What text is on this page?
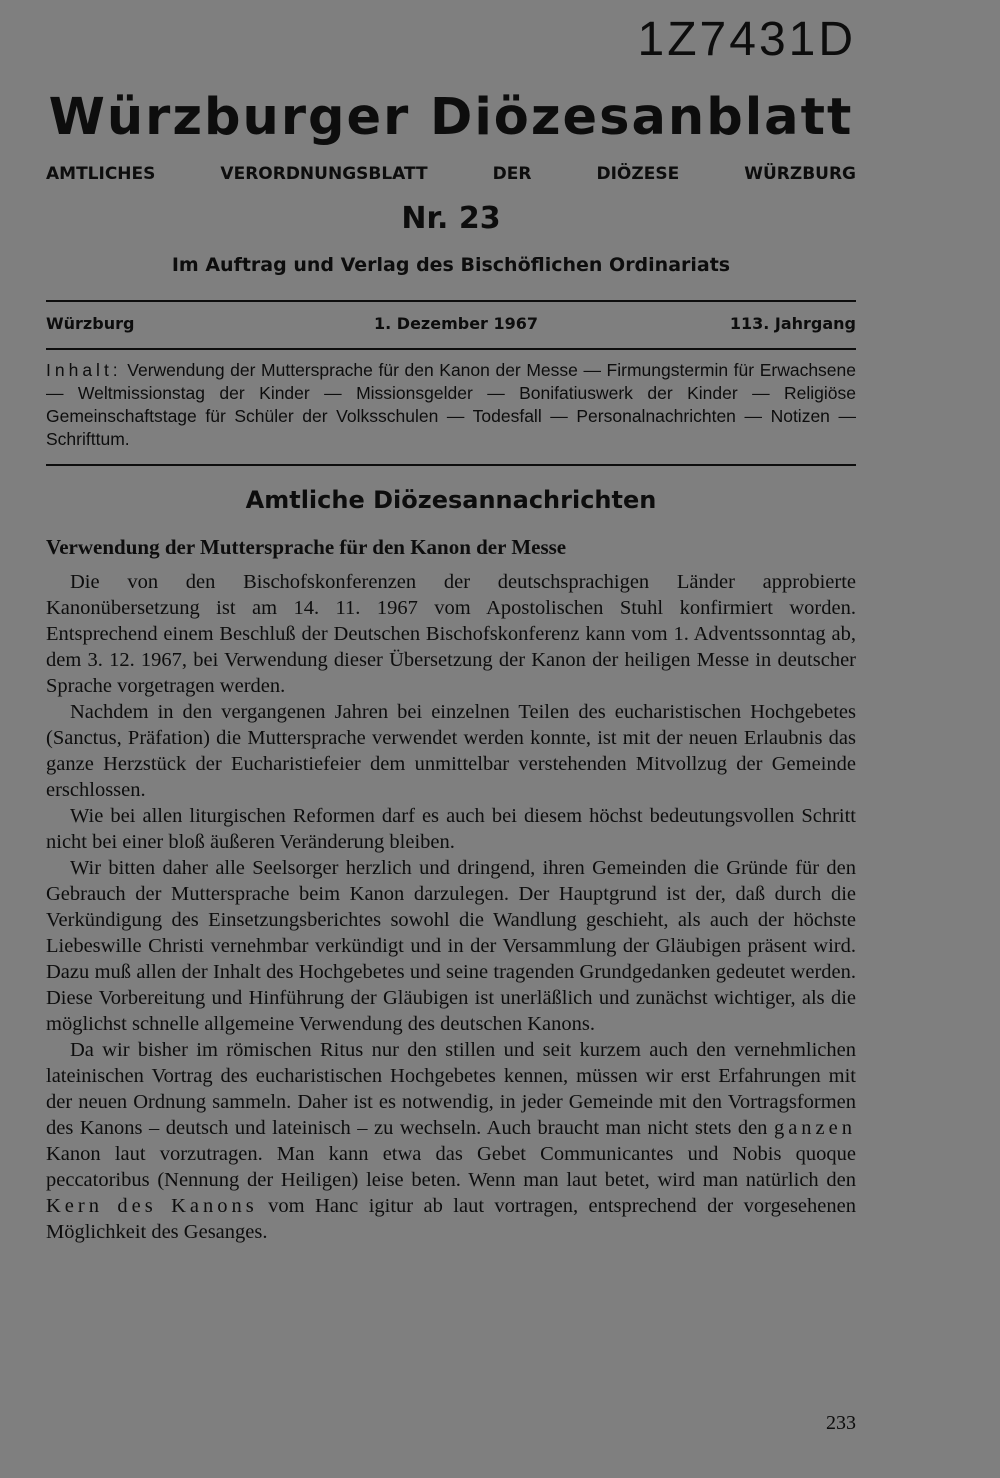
1Z7431D
Würzburger Diözesanblatt
AMTLICHES	VERORDNUNGSBLATT	DER	DIÖZESE	WÜRZBURG
Nr. 23
Im Auftrag und Verlag des Bischöflichen Ordinariats
Würzburg	1. Dezember 1967	113. Jahrgang
Inhalt: Verwendung der Muttersprache für den Kanon der Messe — Firmungstermin für Erwachsene — Weltmissionstag der Kinder — Missionsgelder — Bonifatiuswerk der Kinder — Religiöse Gemeinschaftstage für Schüler der Volksschulen — Todesfall — Personalnachrichten — Notizen — Schrifttum.
Amtliche Diözesannachrichten
Verwendung der Muttersprache für den Kanon der Messe

Die von den Bischofskonferenzen der deutschsprachigen Länder approbierte Kanonübersetzung ist am 14. 11. 1967 vom Apostolischen Stuhl konfirmiert worden. Entsprechend einem Beschluß der Deutschen Bischofskonferenz kann vom 1. Adventssonntag ab, dem 3. 12. 1967, bei Verwendung dieser Übersetzung der Kanon der heiligen Messe in deutscher Sprache vorgetragen werden.

Nachdem in den vergangenen Jahren bei einzelnen Teilen des eucharistischen Hochgebetes (Sanctus, Präfation) die Muttersprache verwendet werden konnte, ist mit der neuen Erlaubnis das ganze Herzstück der Eucharistiefeier dem unmittelbar verstehenden Mitvollzug der Gemeinde erschlossen.

Wie bei allen liturgischen Reformen darf es auch bei diesem höchst bedeutungsvollen Schritt nicht bei einer bloß äußeren Veränderung bleiben.

Wir bitten daher alle Seelsorger herzlich und dringend, ihren Gemeinden die Gründe für den Gebrauch der Muttersprache beim Kanon darzulegen. Der Hauptgrund ist der, daß durch die Verkündigung des Einsetzungsberichtes sowohl die Wandlung geschieht, als auch der höchste Liebeswille Christi vernehmbar verkündigt und in der Versammlung der Gläubigen präsent wird. Dazu muß allen der Inhalt des Hochgebetes und seine tragenden Grundgedanken gedeutet werden. Diese Vorbereitung und Hinführung der Gläubigen ist unerläßlich und zunächst wichtiger, als die möglichst schnelle allgemeine Verwendung des deutschen Kanons.

Da wir bisher im römischen Ritus nur den stillen und seit kurzem auch den vernehmlichen lateinischen Vortrag des eucharistischen Hochgebetes kennen, müssen wir erst Erfahrungen mit der neuen Ordnung sammeln. Daher ist es notwendig, in jeder Gemeinde mit den Vortragsformen des Kanons – deutsch und lateinisch – zu wechseln. Auch braucht man nicht stets den ganzen Kanon laut vorzutragen. Man kann etwa das Gebet Communicantes und Nobis quoque peccatoribus (Nennung der Heiligen) leise beten. Wenn man laut betet, wird man natürlich den Kern des Kanons vom Hanc igitur ab laut vortragen, entsprechend der vorgesehenen Möglichkeit des Gesanges.

233
